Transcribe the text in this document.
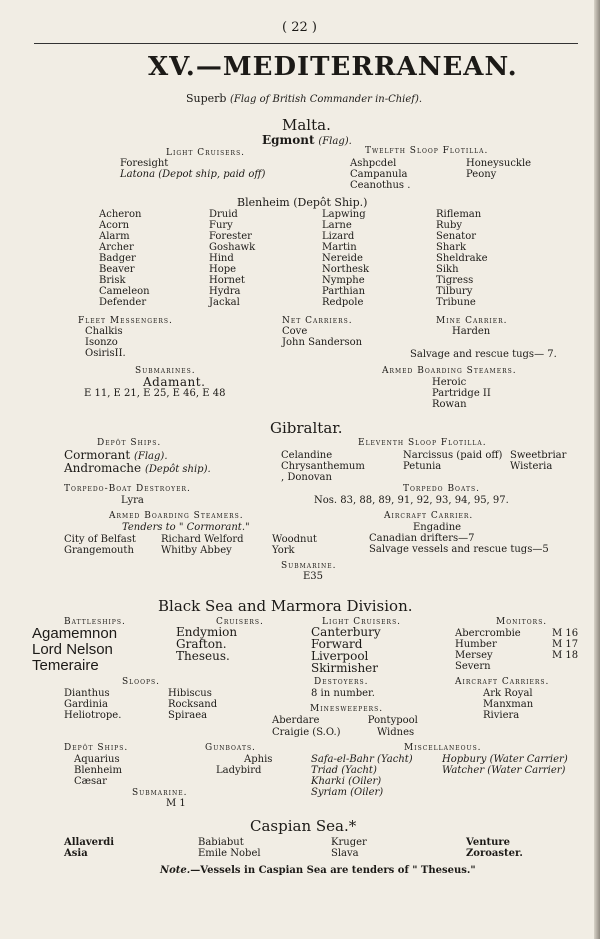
( 22 )
XV.—MEDITERRANEAN.
Superb (Flag of British Commander in-Chief).
Malta.
Egmont (Flag).
Light Cruisers.
Foresight
Latona (Depot ship, paid off)
Twelfth Sloop Flotilla.
Ashpcdel
Campanula
Ceanothus .
Honeysuckle
Peony
Blenheim (Depôt Ship.)
Acheron
Acorn
Alarm
Archer
Badger
Beaver
Brisk
Cameleon
Defender
Druid
Fury
Forester
Goshawk
Hind
Hope
Hornet
Hydra
Jackal
Lapwing
Larne
Lizard
Martin
Nereide
Northesk
Nymphe
Parthian
Redpole
Rifleman
Ruby
Senator
Shark
Sheldrake
Sikh
Tigress
Tilbury
Tribune
Fleet Messengers.
Chalkis
Isonzo
OsirisII.
Net Carriers.
Cove
John Sanderson
Mine Carrier.
Harden
Salvage and rescue tugs— 7.
Submarines.
Adamant.
E 11, E 21, E 25, E 46, E 48
Armed Boarding Steamers.
Heroic
Partridge II
Rowan
Gibraltar.
Depôt Ships.
Cormorant (Flag).
Andromache (Depôt ship).
Eleventh Sloop Flotilla.
Celandine
Chrysanthemum
, Donovan
Narcissus (paid off)
Petunia
Sweetbriar
Wisteria
Torpedo-Boat Destroyer.
Lyra
Torpedo Boats.
Nos. 83, 88, 89, 91, 92, 93, 94, 95, 97.
Armed Boarding Steamers.
Tenders to " Cormorant."
City of Belfast
Grangemouth
Richard Welford
Whitby Abbey
Woodnut
York
Aircraft Carrier.
Engadine
Canadian drifters—7
Salvage vessels and rescue tugs—5
Submarine.
E35
Black Sea and Marmora Division.
Battleships.
Agamemnon
Lord Nelson
Temeraire
Cruisers.
Endymion
Grafton.
Theseus.
Light Cruisers.
Canterbury
Forward
Liverpool
Skirmisher
Monitors.
Abercrombie
Humber
Mersey
Severn
M 16
M 17
M 18
Sloops.
Dianthus
Gardinia
Heliotrope.
Hibiscus
Rocksand
Spiraea
Destoyers.
8 in number.
Minesweepers.
Aberdare	Pontypool
Craigie (S.O.)	Widnes
Aircraft Carriers.
Ark Royal
Manxman
Riviera
Depôt Ships.
Aquarius
Blenheim
Cæsar
Gunboats.
Aphis
Ladybird
Miscellaneous.
Safa-el-Bahr (Yacht)
Triad (Yacht)
Kharki (Oiler)
Syriam (Oiler)
Hopbury (Water Carrier)
Watcher (Water Carrier)
Submarine.
M 1
Caspian Sea.*
Allaverdi
Asia
Babiabut
Emile Nobel
Kruger
Slava
Venture
Zoroaster.
Note.—Vessels in Caspian Sea are tenders of " Theseus."
